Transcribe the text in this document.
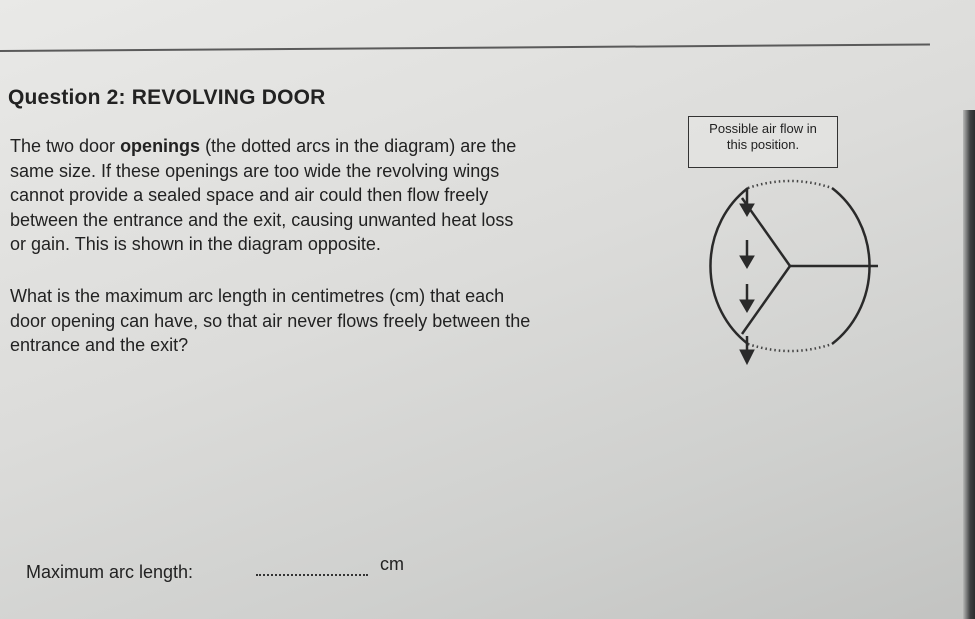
Question 2: REVOLVING DOOR

The two door openings (the dotted arcs in the diagram) are the
same size. If these openings are too wide the revolving wings
cannot provide a sealed space and air could then flow freely
between the entrance and the exit, causing unwanted heat loss
or gain. This is shown in the diagram opposite.

What is the maximum arc length in centimetres (cm) that each
door opening can have, so that air never flows freely between the
entrance and the exit?

Possible air flow in
this position.
Maximum arc length:	cm
